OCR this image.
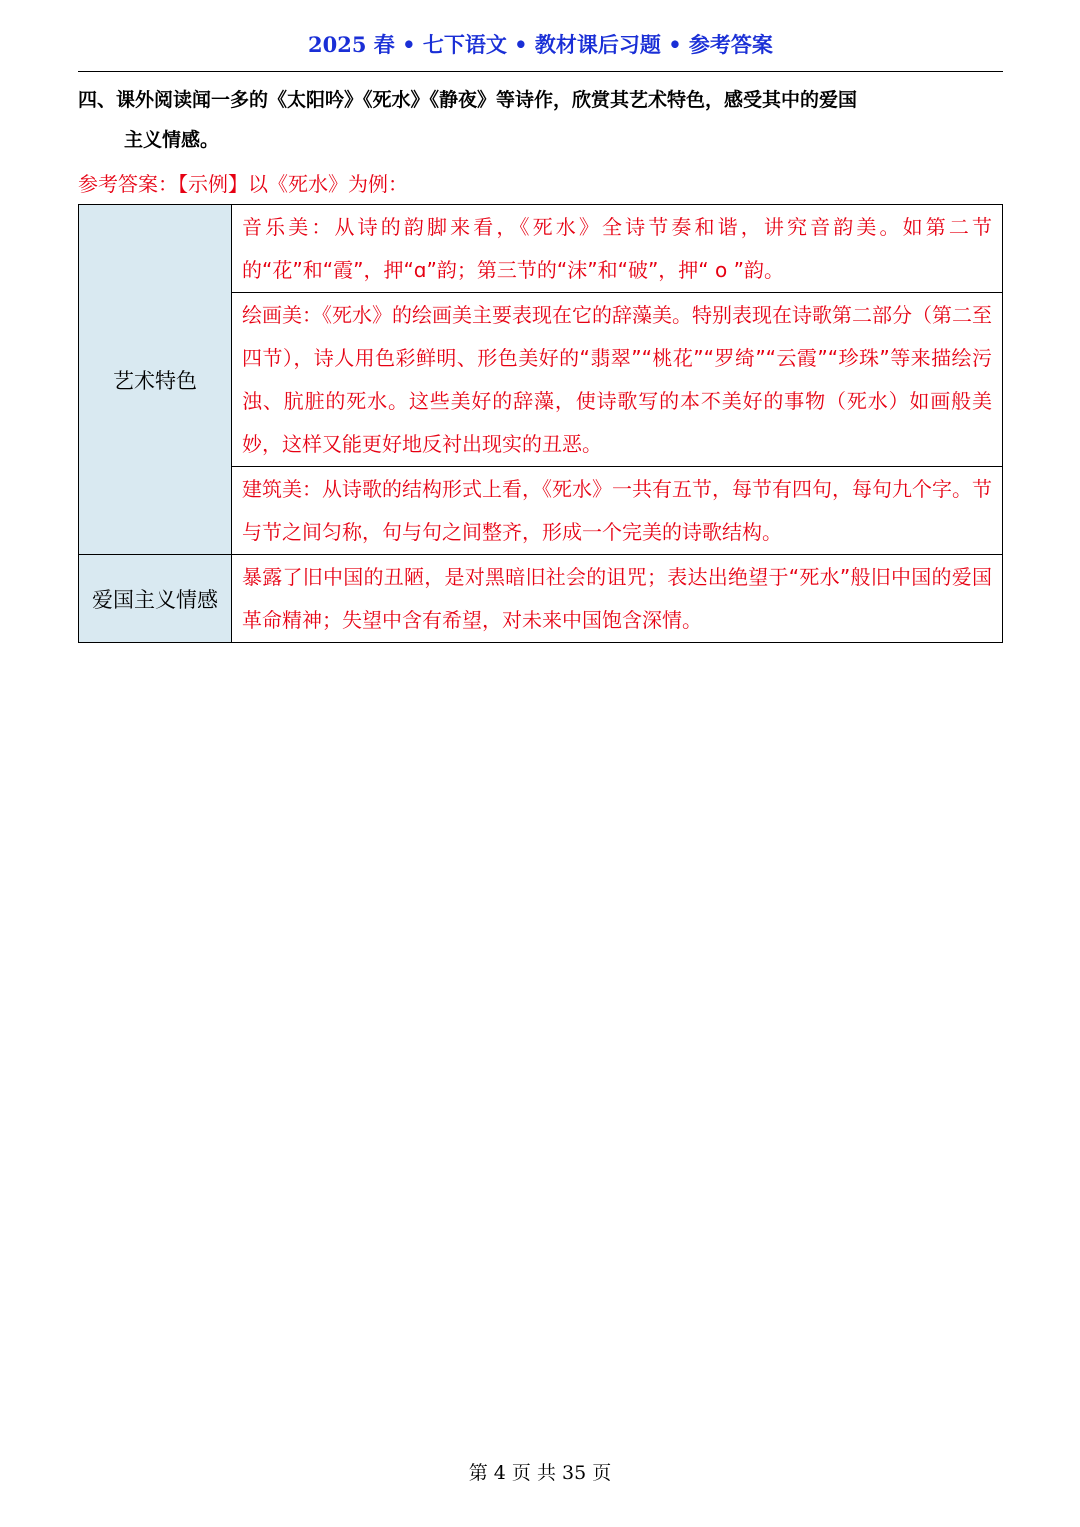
2025 春 • 七下语文 • 教材课后习题 • 参考答案

四、课外阅读闻一多的《太阳吟》《死水》《静夜》等诗作，欣赏其艺术特色，感受其中的爱国
主义情感。

参考答案：【示例】以《死水》为例：

艺术特色	音乐美：从诗的韵脚来看，《死水》全诗节奏和谐，讲究音韵美。如第二节的“花”和“霞”，押“ɑ”韵；第三节的“沫”和“破”，押“ o ”韵。
	绘画美：《死水》的绘画美主要表现在它的辞藻美。特别表现在诗歌第二部分（第二至四节），诗人用色彩鲜明、形色美好的“翡翠”“桃花”“罗绮”“云霞”“珍珠”等来描绘污浊、肮脏的死水。这些美好的辞藻，使诗歌写的本不美好的事物（死水）如画般美妙，这样又能更好地反衬出现实的丑恶。
	建筑美：从诗歌的结构形式上看，《死水》一共有五节，每节有四句，每句九个字。节与节之间匀称，句与句之间整齐，形成一个完美的诗歌结构。
爱国主义情感	暴露了旧中国的丑陋，是对黑暗旧社会的诅咒；表达出绝望于“死水”般旧中国的爱国革命精神；失望中含有希望，对未来中国饱含深情。
第 4 页 共 35 页
